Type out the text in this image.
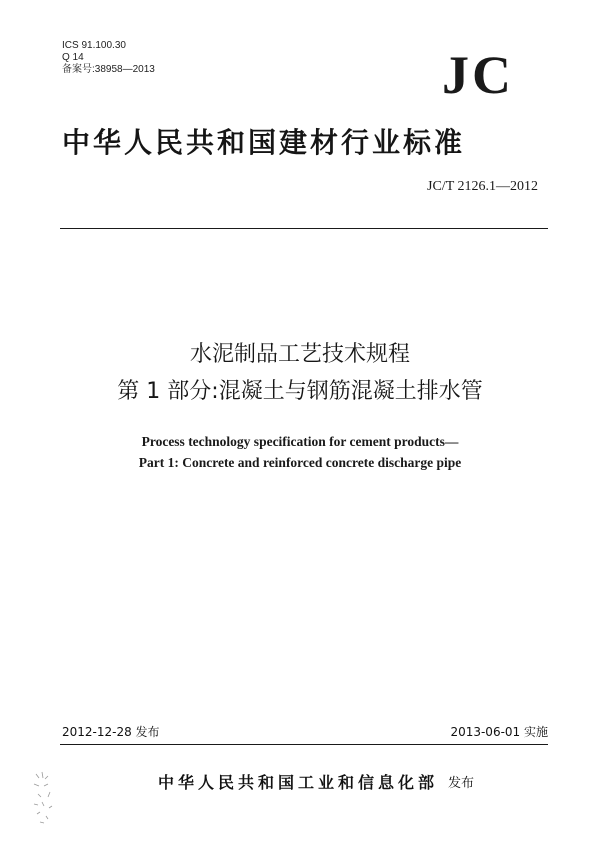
ICS 91.100.30
Q 14
备案号:38958—2013	JC
中华人民共和国建材行业标准
JC/T 2126.1—2012
水泥制品工艺技术规程
第 1 部分:混凝土与钢筋混凝土排水管
Process technology specification for cement products—
Part 1: Concrete and reinforced concrete discharge pipe
2012-12-28 发布	2013-06-01 实施
中华人民共和国工业和信息化部 发布
